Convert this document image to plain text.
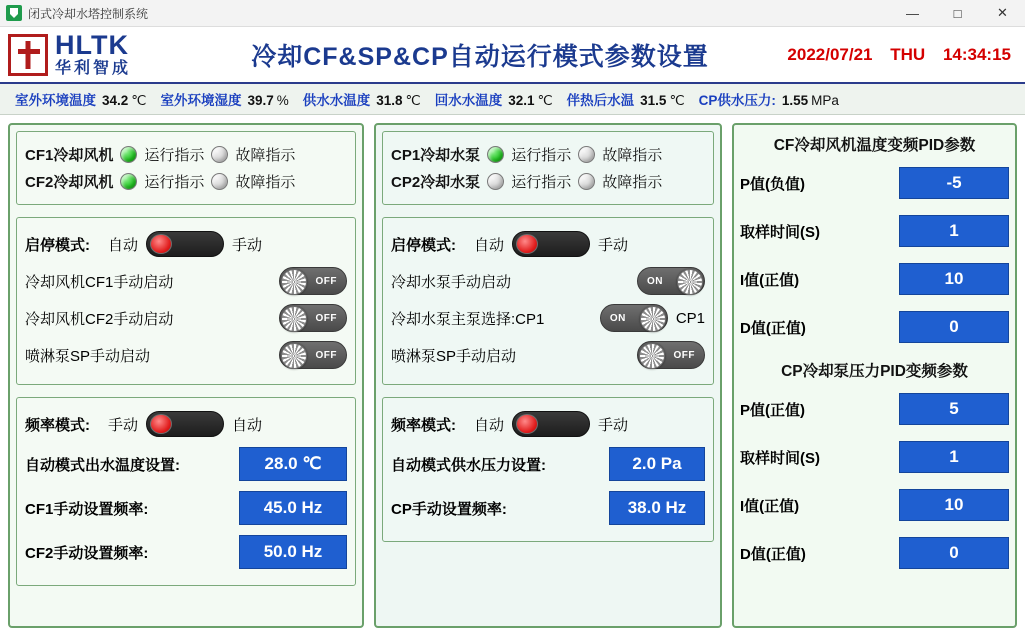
闭式冷却水塔控制系统	—	□	✕
HLTK
华利智成	冷却CF&SP&CP自动运行模式参数设置	2022/07/21 THU 14:34:15
室外环境温度 34.2 ℃ 室外环境湿度 39.7 % 供水水温度 31.8 ℃ 回水水温度 32.1 ℃ 伴热后水温 31.5 ℃ CP供水压力: 1.55 MPa
CF1冷却风机 运行指示 故障指示
CF2冷却风机 运行指示 故障指示
启停模式: 自动	手动
冷却风机CF1手动启动	OFF
冷却风机CF2手动启动	OFF
喷淋泵SP手动启动	OFF
频率模式: 手动	自动
自动模式出水温度设置:	28.0 ℃
CF1手动设置频率:	45.0 Hz
CF2手动设置频率:	50.0 Hz
CP1冷却水泵 运行指示 故障指示
CP2冷却水泵 运行指示 故障指示
启停模式: 自动	手动
冷却水泵手动启动	ON
冷却水泵主泵选择:CP1	ON	CP1
喷淋泵SP手动启动	OFF
频率模式: 自动	手动
自动模式供水压力设置:	2.0 Pa
CP手动设置频率:	38.0 Hz
CF冷却风机温度变频PID参数
P值(负值)	-5
取样时间(S)	1
I值(正值)	10
D值(正值)	0
CP冷却泵压力PID变频参数
P值(正值)	5
取样时间(S)	1
I值(正值)	10
D值(正值)	0
